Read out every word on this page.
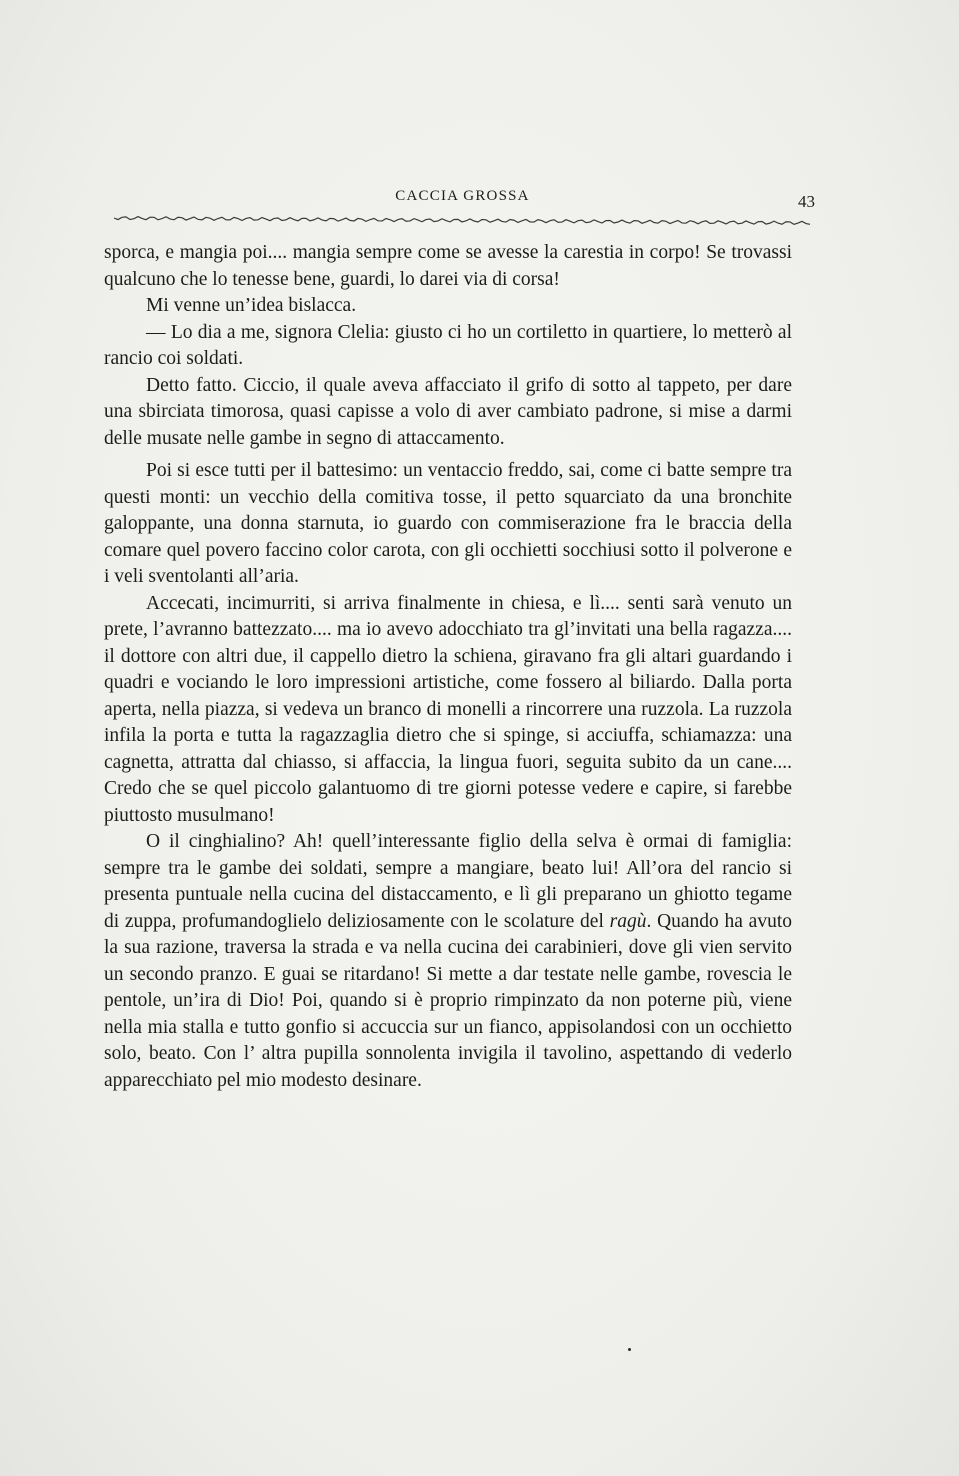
CACCIA GROSSA	43

sporca, e mangia poi.... mangia sempre come se avesse la carestia in corpo! Se trovassi qualcuno che lo tenesse bene, guardi, lo darei via di corsa!

Mi venne un’idea bislacca.

— Lo dia a me, signora Clelia: giusto ci ho un cortiletto in quartiere, lo metterò al rancio coi soldati.

Detto fatto. Ciccio, il quale aveva affacciato il grifo di sotto al tappeto, per dare una sbirciata timorosa, quasi capisse a volo di aver cambiato padrone, si mise a darmi delle musate nelle gambe in segno di attaccamento.

Poi si esce tutti per il battesimo: un ventaccio freddo, sai, come ci batte sempre tra questi monti: un vecchio della comitiva tosse, il petto squarciato da una bronchite galoppante, una donna starnuta, io guardo con commiserazione fra le braccia della comare quel povero faccino color carota, con gli occhietti socchiusi sotto il polverone e i veli sventolanti all’aria.

Accecati, incimurriti, si arriva finalmente in chiesa, e lì.... senti sarà venuto un prete, l’avranno battezzato.... ma io avevo adocchiato tra gl’invitati una bella ragazza.... il dottore con altri due, il cappello dietro la schiena, giravano fra gli altari guardando i quadri e vociando le loro impressioni artistiche, come fossero al biliardo. Dalla porta aperta, nella piazza, si vedeva un branco di monelli a rincorrere una ruzzola. La ruzzola infila la porta e tutta la ragazzaglia dietro che si spinge, si acciuffa, schiamazza: una cagnetta, attratta dal chiasso, si affaccia, la lingua fuori, seguita subito da un cane.... Credo che se quel piccolo galantuomo di tre giorni potesse vedere e capire, si farebbe piuttosto musulmano!

O il cinghialino? Ah! quell’interessante figlio della selva è ormai di famiglia: sempre tra le gambe dei soldati, sempre a mangiare, beato lui! All’ora del rancio si presenta puntuale nella cucina del distaccamento, e lì gli preparano un ghiotto tegame di zuppa, profumandoglielo deliziosamente con le scolature del ragù. Quando ha avuto la sua razione, traversa la strada e va nella cucina dei carabinieri, dove gli vien servito un secondo pranzo. E guai se ritardano! Si mette a dar testate nelle gambe, rovescia le pentole, un’ira di Dio! Poi, quando si è proprio rimpinzato da non poterne più, viene nella mia stalla e tutto gonfio si accuccia sur un fianco, appisolandosi con un occhietto solo, beato. Con l’ altra pupilla sonnolenta invigila il tavolino, aspettando di vederlo apparecchiato pel mio modesto desinare.
